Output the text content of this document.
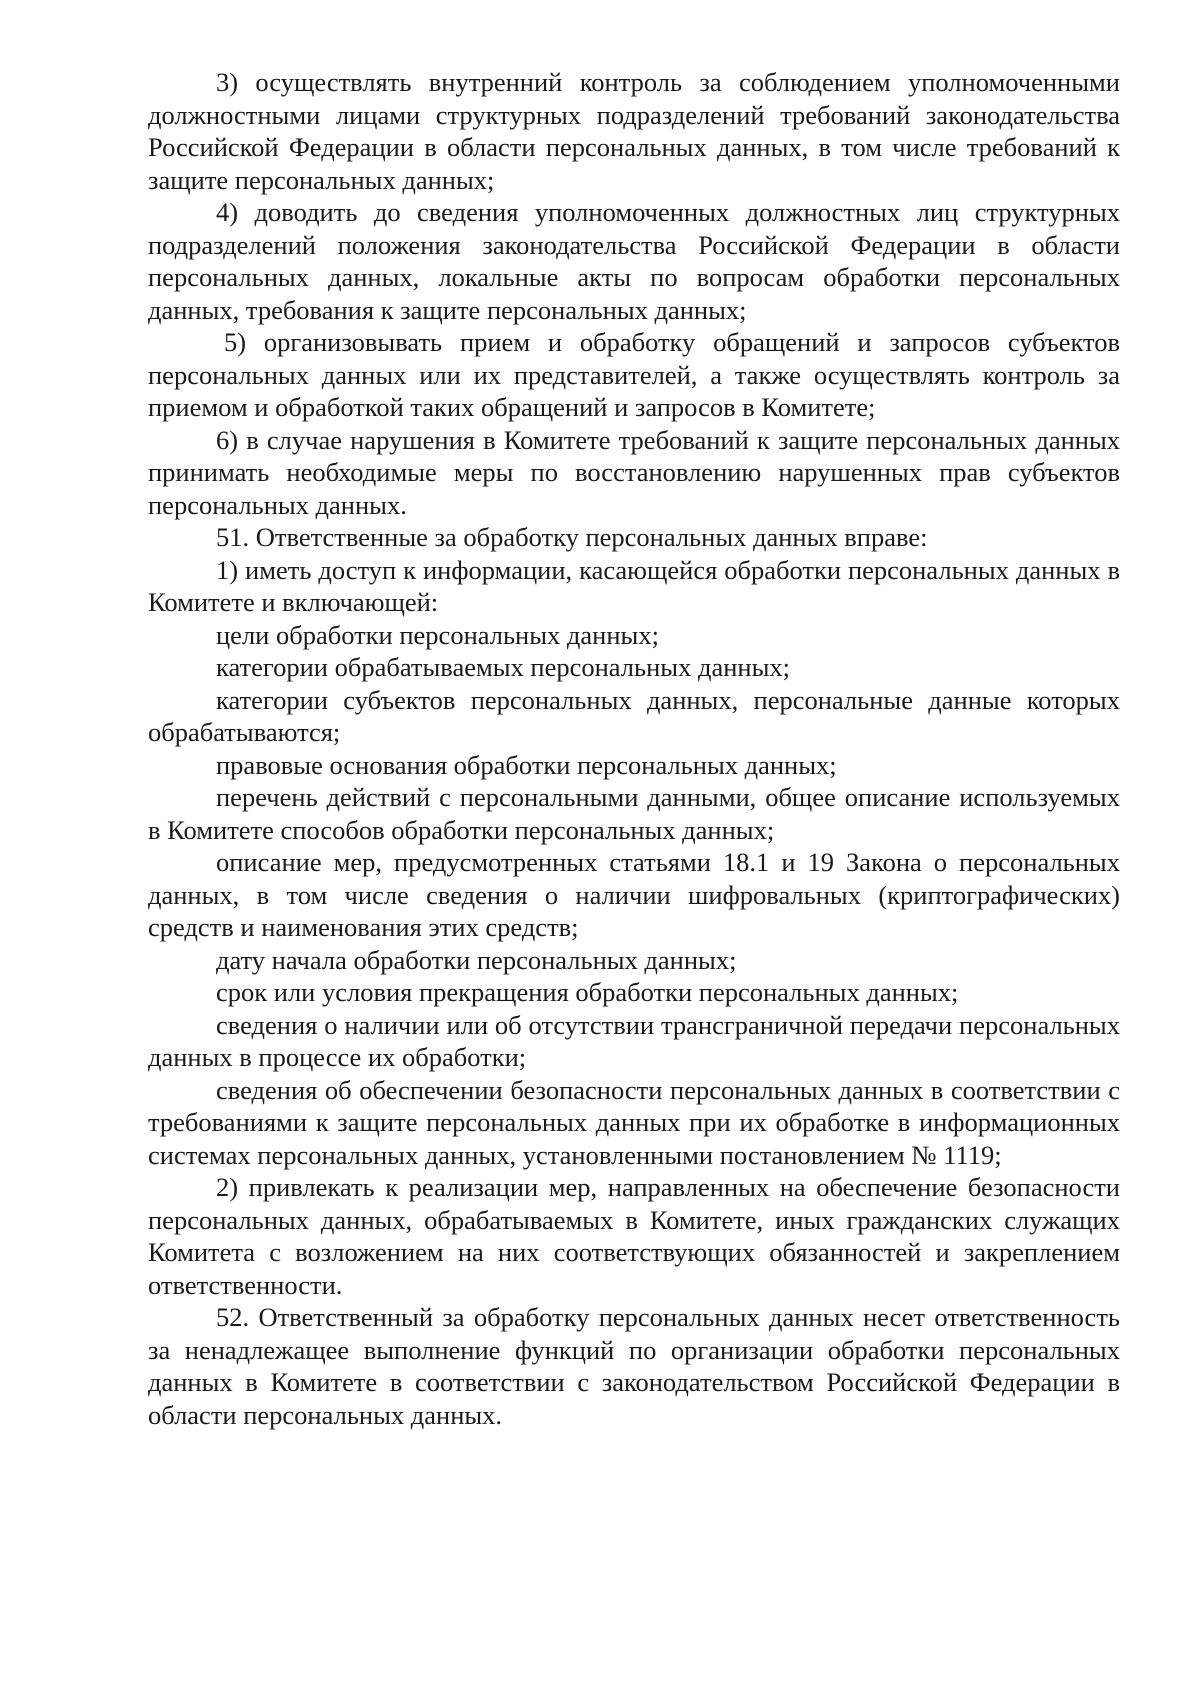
3) осуществлять внутренний контроль за соблюдением уполномоченными должностными лицами структурных подразделений требований законодательства Российской Федерации в области персональных данных, в том числе требований к защите персональных данных;

4) доводить до сведения уполномоченных должностных лиц структурных подразделений положения законодательства Российской Федерации в области персональных данных, локальные акты по вопросам обработки персональных данных, требования к защите персональных данных;

5) организовывать прием и обработку обращений и запросов субъектов персональных данных или их представителей, а также осуществлять контроль за приемом и обработкой таких обращений и запросов в Комитете;

6) в случае нарушения в Комитете требований к защите персональных данных принимать необходимые меры по восстановлению нарушенных прав субъектов персональных данных.

51. Ответственные за обработку персональных данных вправе:

1) иметь доступ к информации, касающейся обработки персональных данных в Комитете и включающей:

цели обработки персональных данных;

категории обрабатываемых персональных данных;

категории субъектов персональных данных, персональные данные которых обрабатываются;

правовые основания обработки персональных данных;

перечень действий с персональными данными, общее описание используемых в Комитете способов обработки персональных данных;

описание мер, предусмотренных статьями 18.1 и 19 Закона о персональных данных, в том числе сведения о наличии шифровальных (криптографических) средств и наименования этих средств;

дату начала обработки персональных данных;

срок или условия прекращения обработки персональных данных;

сведения о наличии или об отсутствии трансграничной передачи персональных данных в процессе их обработки;

сведения об обеспечении безопасности персональных данных в соответствии с требованиями к защите персональных данных при их обработке в информационных системах персональных данных, установленными постановлением № 1119;

2) привлекать к реализации мер, направленных на обеспечение безопасности персональных данных, обрабатываемых в Комитете, иных гражданских служащих Комитета с возложением на них соответствующих обязанностей и закреплением ответственности.

52. Ответственный за обработку персональных данных несет ответственность за ненадлежащее выполнение функций по организации обработки персональных данных в Комитете в соответствии с законодательством Российской Федерации в области персональных данных.
